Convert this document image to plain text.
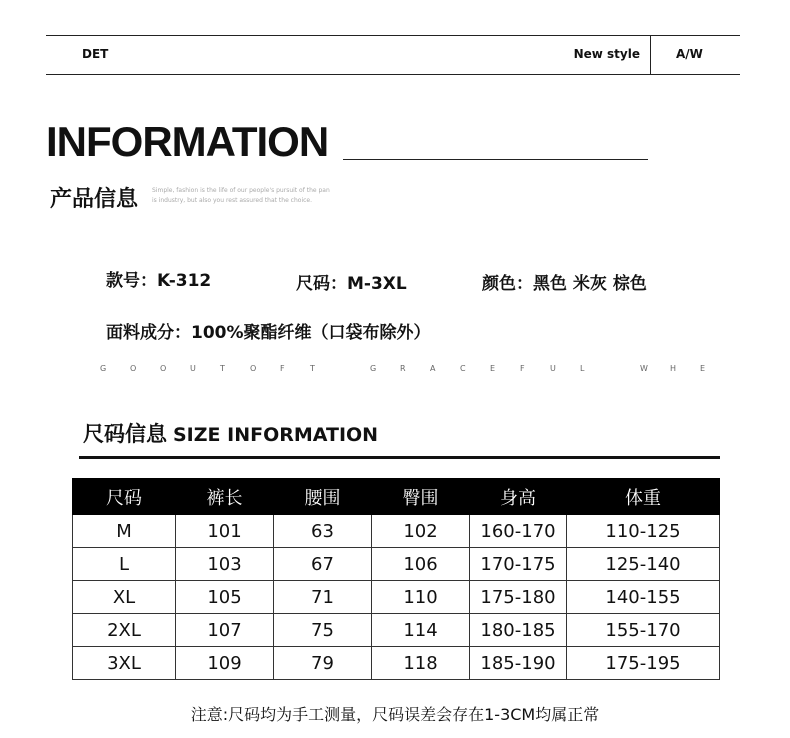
DET	New style	A/W
INFORMATION
产品信息 Simple, fashion is the life of our people's pursuit of the pan
is industry, but also you rest assured that the choice.
款号：K-312	尺码：M-3XL	颜色：黑色 米灰 棕色
面料成分：100%聚酯纤维（口袋布除外）
G	O	O	U	T	O	F	T	G	R	A	C	E	F	U	L	W	H	E
尺码信息 SIZE INFORMATION
尺码	裤长	腰围	臀围	身高	体重
M	101	63	102	160-170	110-125
L	103	67	106	170-175	125-140
XL	105	71	110	175-180	140-155
2XL	107	75	114	180-185	155-170
3XL	109	79	118	185-190	175-195
注意:尺码均为手工测量，尺码误差会存在1-3CM均属正常
